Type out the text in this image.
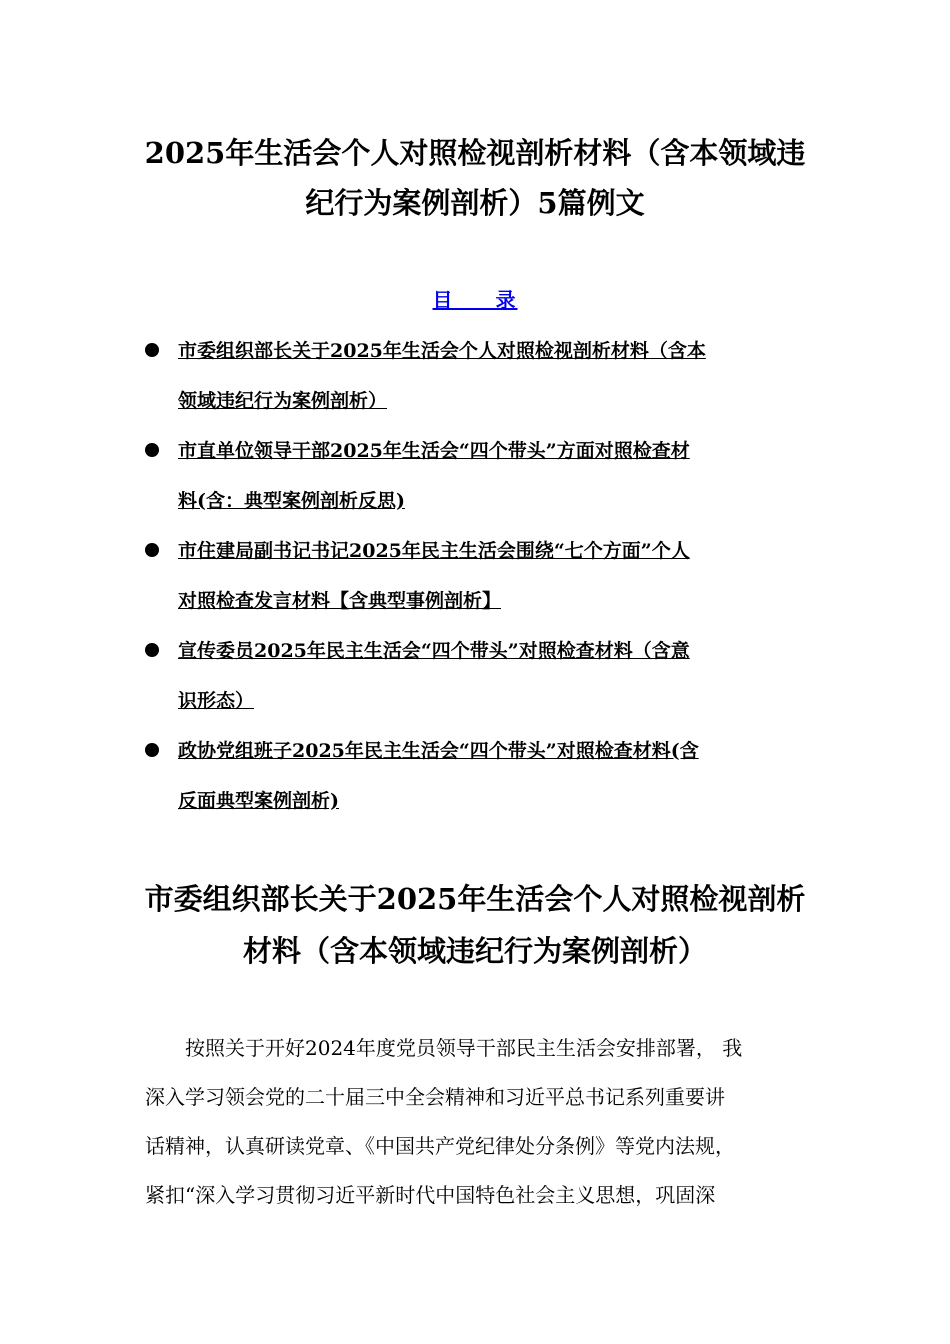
2025年生活会个人对照检视剖析材料（含本领域违
纪行为案例剖析）5篇例文
目 录
市委组织部长关于2025年生活会个人对照检视剖析材料（含本
领域违纪行为案例剖析）
市直单位领导干部2025年生活会“四个带头”方面对照检查材
料(含：典型案例剖析反思)
市住建局副书记书记2025年民主生活会围绕“七个方面”个人
对照检查发言材料【含典型事例剖析】
宣传委员2025年民主生活会“四个带头”对照检查材料（含意
识形态）
政协党组班子2025年民主生活会“四个带头”对照检查材料(含
反面典型案例剖析)
市委组织部长关于2025年生活会个人对照检视剖析
材料（含本领域违纪行为案例剖析）
按照关于开好2024年度党员领导干部民主生活会安排部署， 我
深入学习领会党的二十届三中全会精神和习近平总书记系列重要讲
话精神，认真研读党章、《中国共产党纪律处分条例》等党内法规，
紧扣“深入学习贯彻习近平新时代中国特色社会主义思想，巩固深
